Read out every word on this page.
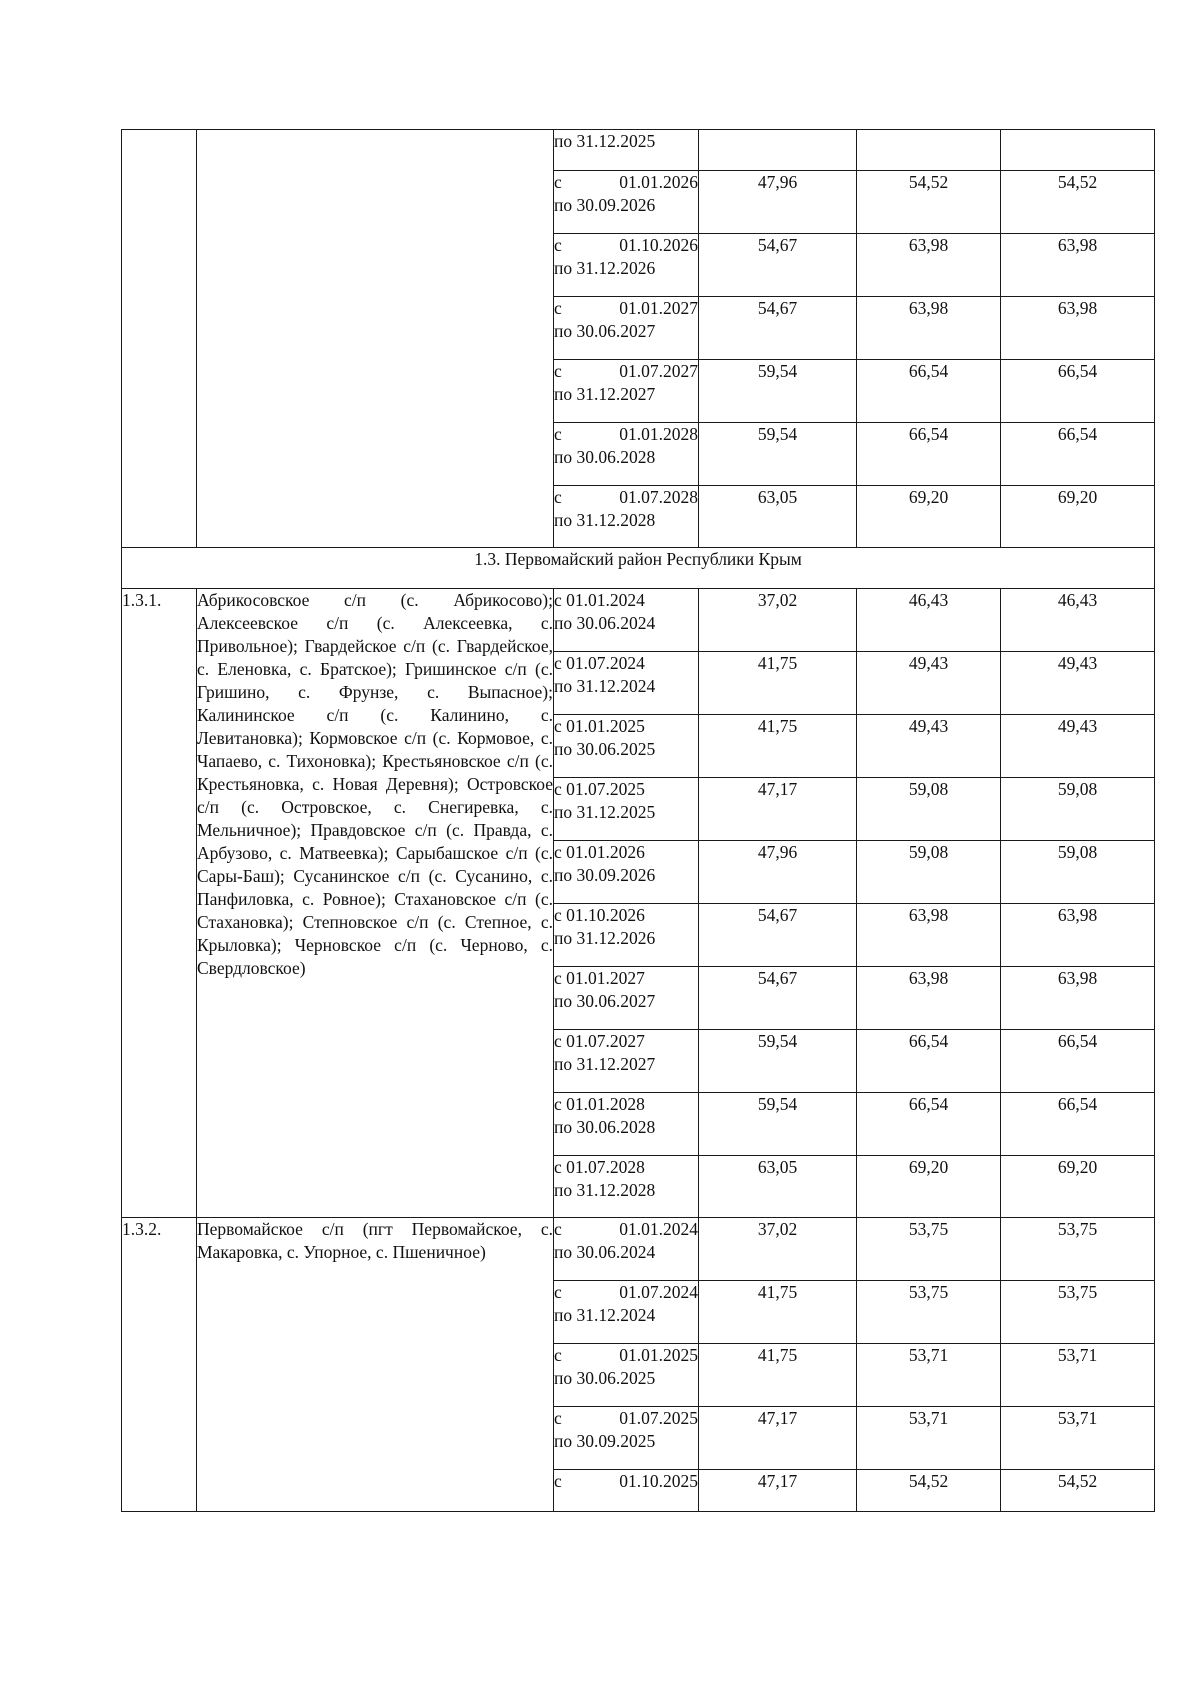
		по 31.12.2025			

		с 01.01.2026
по 30.09.2026	47,96	54,52	54,52

		с 01.10.2026
по 31.12.2026	54,67	63,98	63,98

		с 01.01.2027
по 30.06.2027	54,67	63,98	63,98

		с 01.07.2027
по 31.12.2027	59,54	66,54	66,54

		с 01.01.2028
по 30.06.2028	59,54	66,54	66,54

		с 01.07.2028
по 31.12.2028	63,05	69,20	69,20
1.3. Первомайский район Республики Крым					
1.3.1.	Абрикосовское с/п (с. Абрикосово); Алексеевское с/п (с. Алексеевка, с. Привольное); Гвардейское с/п (с. Гвардейское, с. Еленовка, с. Братское); Гришинское с/п (с. Гришино, с. Фрунзе, с. Выпасное); Калининское с/п (с. Калинино, с. Левитановка); Кормовское с/п (с. Кормовое, с. Чапаево, с. Тихоновка); Крестьяновское с/п (с. Крестьяновка, с. Новая Деревня); Островское с/п (с. Островское, с. Снегиревка, с. Мельничное); Правдовское с/п (с. Правда, с. Арбузово, с. Матвеевка); Сарыбашское с/п (с. Сары-Баш); Сусанинское с/п (с. Сусанино, с. Панфиловка, с. Ровное); Стахановское с/п (с. Стахановка); Степновское с/п (с. Степное, с. Крыловка); Черновское с/п (с. Черново, с. Свердловское)	с 01.01.2024
по 30.06.2024	37,02	46,43	46,43

		с 01.07.2024
по 31.12.2024	41,75	49,43	49,43

		с 01.01.2025
по 30.06.2025	41,75	49,43	49,43

		с 01.07.2025
по 31.12.2025	47,17	59,08	59,08

		с 01.01.2026
по 30.09.2026	47,96	59,08	59,08

		с 01.10.2026
по 31.12.2026	54,67	63,98	63,98

		с 01.01.2027
по 30.06.2027	54,67	63,98	63,98

		с 01.07.2027
по 31.12.2027	59,54	66,54	66,54

		с 01.01.2028
по 30.06.2028	59,54	66,54	66,54

		с 01.07.2028
по 31.12.2028	63,05	69,20	69,20
1.3.2.	Первомайское с/п (пгт Первомайское, с. Макаровка, с. Упорное, с. Пшеничное)	с 01.01.2024
по 30.06.2024	37,02	53,75	53,75

		с 01.07.2024
по 31.12.2024	41,75	53,75	53,75

		с 01.01.2025
по 30.06.2025	41,75	53,71	53,71

		с 01.07.2025
по 30.09.2025	47,17	53,71	53,71

		с 01.10.2025	47,17	54,52	54,52
